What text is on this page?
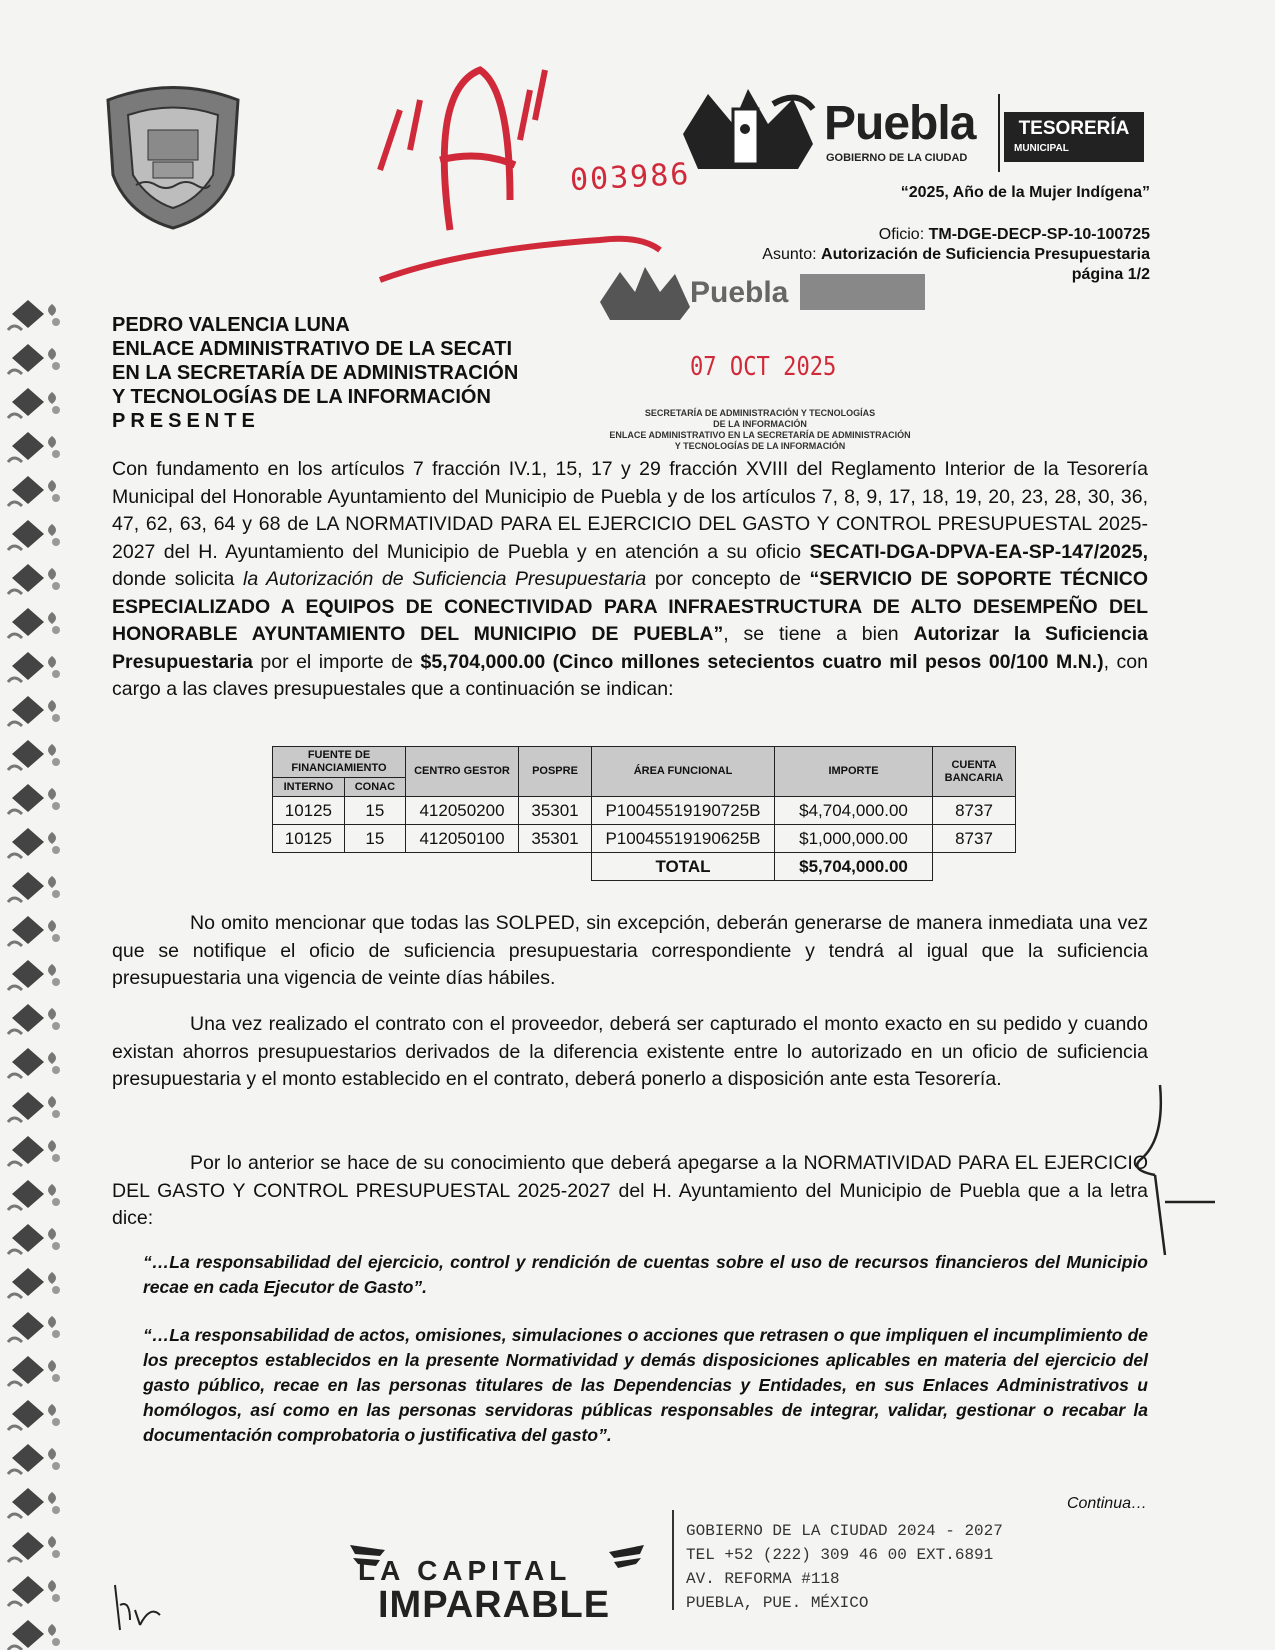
Puebla
GOBIERNO DE LA CIUDAD
TESORERÍA
MUNICIPAL
003986	“2025, Año de la Mujer Indígena”
Oficio: TM-DGE-DECP-SP-10-100725
Asunto: Autorización de Suficiencia Presupuestaria
página 1/2
Puebla
07 OCT 2025
SECRETARÍA DE ADMINISTRACIÓN Y TECNOLOGÍAS
DE LA INFORMACIÓN
ENLACE ADMINISTRATIVO EN LA SECRETARÍA DE ADMINISTRACIÓN
Y TECNOLOGÍAS DE LA INFORMACIÓN
PEDRO VALENCIA LUNA
ENLACE ADMINISTRATIVO DE LA SECATI
EN LA SECRETARÍA DE ADMINISTRACIÓN
Y TECNOLOGÍAS DE LA INFORMACIÓN
PRESENTE
Con fundamento en los artículos 7 fracción IV.1, 15, 17 y 29 fracción XVIII del Reglamento Interior de la Tesorería Municipal del Honorable Ayuntamiento del Municipio de Puebla y de los artículos 7, 8, 9, 17, 18, 19, 20, 23, 28, 30, 36, 47, 62, 63, 64 y 68 de LA NORMATIVIDAD PARA EL EJERCICIO DEL GASTO Y CONTROL PRESUPUESTAL 2025-2027 del H. Ayuntamiento del Municipio de Puebla y en atención a su oficio SECATI-DGA-DPVA-EA-SP-147/2025, donde solicita la Autorización de Suficiencia Presupuestaria por concepto de “SERVICIO DE SOPORTE TÉCNICO ESPECIALIZADO A EQUIPOS DE CONECTIVIDAD PARA INFRAESTRUCTURA DE ALTO DESEMPEÑO DEL HONORABLE AYUNTAMIENTO DEL MUNICIPIO DE PUEBLA”, se tiene a bien Autorizar la Suficiencia Presupuestaria por el importe de $5,704,000.00 (Cinco millones setecientos cuatro mil pesos 00/100 M.N.), con cargo a las claves presupuestales que a continuación se indican:
FUENTE DE FINANCIAMIENTO		CENTRO GESTOR	POSPRE	ÁREA FUNCIONAL	IMPORTE	CUENTA BANCARIA
INTERNO	CONAC					
10125	15	412050200	35301	P10045519190725B	$4,704,000.00	8737
10125	15	412050100	35301	P10045519190625B	$1,000,000.00	8737
				TOTAL	$5,704,000.00	
No omito mencionar que todas las SOLPED, sin excepción, deberán generarse de manera inmediata una vez que se notifique el oficio de suficiencia presupuestaria correspondiente y tendrá al igual que la suficiencia presupuestaria una vigencia de veinte días hábiles.
Una vez realizado el contrato con el proveedor, deberá ser capturado el monto exacto en su pedido y cuando existan ahorros presupuestarios derivados de la diferencia existente entre lo autorizado en un oficio de suficiencia presupuestaria y el monto establecido en el contrato, deberá ponerlo a disposición ante esta Tesorería.
Por lo anterior se hace de su conocimiento que deberá apegarse a la NORMATIVIDAD PARA EL EJERCICIO DEL GASTO Y CONTROL PRESUPUESTAL 2025-2027 del H. Ayuntamiento del Municipio de Puebla que a la letra dice:
“…La responsabilidad del ejercicio, control y rendición de cuentas sobre el uso de recursos financieros del Municipio recae en cada Ejecutor de Gasto”.
“…La responsabilidad de actos, omisiones, simulaciones o acciones que retrasen o que impliquen el incumplimiento de los preceptos establecidos en la presente Normatividad y demás disposiciones aplicables en materia del ejercicio del gasto público, recae en las personas titulares de las Dependencias y Entidades, en sus Enlaces Administrativos u homólogos, así como en las personas servidoras públicas responsables de integrar, validar, gestionar o recabar la documentación comprobatoria o justificativa del gasto”.
Continua…
LA CAPITAL
IMPARABLE
GOBIERNO DE LA CIUDAD 2024 - 2027
TEL +52 (222) 309 46 00 EXT.6891
AV. REFORMA #118
PUEBLA, PUE. MÉXICO
